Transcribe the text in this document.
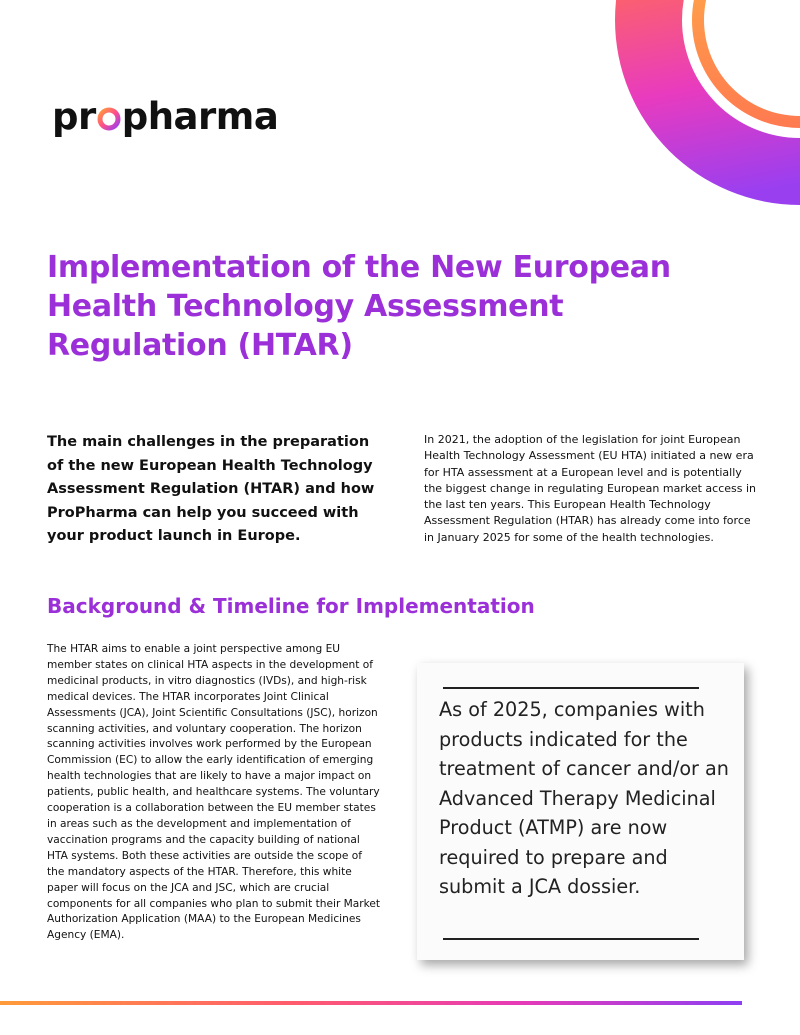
pr pharma
Implementation of the New European Health Technology Assessment Regulation (HTAR)

The main challenges in the preparation of the new European Health Technology Assessment Regulation (HTAR) and how ProPharma can help you succeed with your product launch in Europe.

In 2021, the adoption of the legislation for joint European Health Technology Assessment (EU HTA) initiated a new era for HTA assessment at a European level and is potentially the biggest change in regulating European market access in the last ten years. This European Health Technology Assessment Regulation (HTAR) has already come into force in January 2025 for some of the health technologies.

Background & Timeline for Implementation

The HTAR aims to enable a joint perspective among EU member states on clinical HTA aspects in the development of medicinal products, in vitro diagnostics (IVDs), and high-risk medical devices. The HTAR incorporates Joint Clinical Assessments (JCA), Joint Scientific Consultations (JSC), horizon scanning activities, and voluntary cooperation. The horizon scanning activities involves work performed by the European Commission (EC) to allow the early identification of emerging health technologies that are likely to have a major impact on patients, public health, and healthcare systems. The voluntary cooperation is a collaboration between the EU member states in areas such as the development and implementation of vaccination programs and the capacity building of national HTA systems. Both these activities are outside the scope of the mandatory aspects of the HTAR. Therefore, this white paper will focus on the JCA and JSC, which are crucial components for all companies who plan to submit their Market Authorization Application (MAA) to the European Medicines Agency (EMA).

As of 2025, companies with products indicated for the treatment of cancer and/or an Advanced Therapy Medicinal Product (ATMP) are now required to prepare and submit a JCA dossier.
